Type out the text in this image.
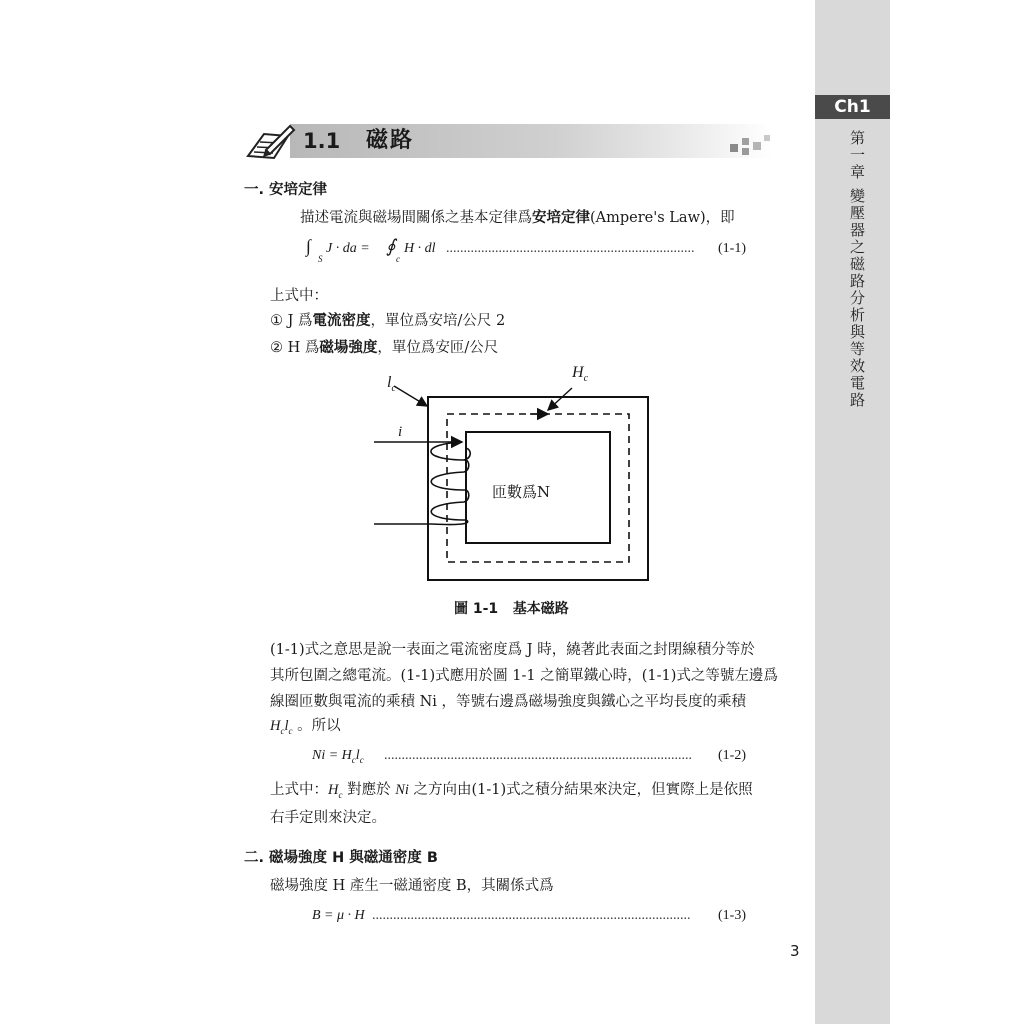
Ch1
第一章 變壓器之磁路分析與等效電路
1.1 磁路
一. 安培定律
描述電流與磁場間關係之基本定律爲安培定律(Ampere's Law)，即
∫
S
J · da = ∮
c
H · dl ....................................................................... (1-1)
上式中：
① J 爲電流密度，單位爲安培/公尺 2
② H 爲磁場強度，單位爲安匝/公尺
$l_c$
$H_c$
i
匝數爲N
圖 1-1 基本磁路
(1-1)式之意思是說一表面之電流密度爲 J 時，繞著此表面之封閉線積分等於
其所包圍之總電流。(1-1)式應用於圖 1-1 之簡單鐵心時，(1-1)式之等號左邊爲
線圈匝數與電流的乘積 Ni ，等號右邊爲磁場強度與鐵心之平均長度的乘積
$H_cl_c$ 。所以
$Ni = H_cl_c$ ........................................................................................ (1-2)
上式中：$H_c$ 對應於 Ni 之方向由(1-1)式之積分結果來決定，但實際上是依照
右手定則來決定。
二. 磁場強度 H 與磁通密度 B
磁場強度 H 產生一磁通密度 B，其關係式爲
B = μ · H ........................................................................................... (1-3)
3
